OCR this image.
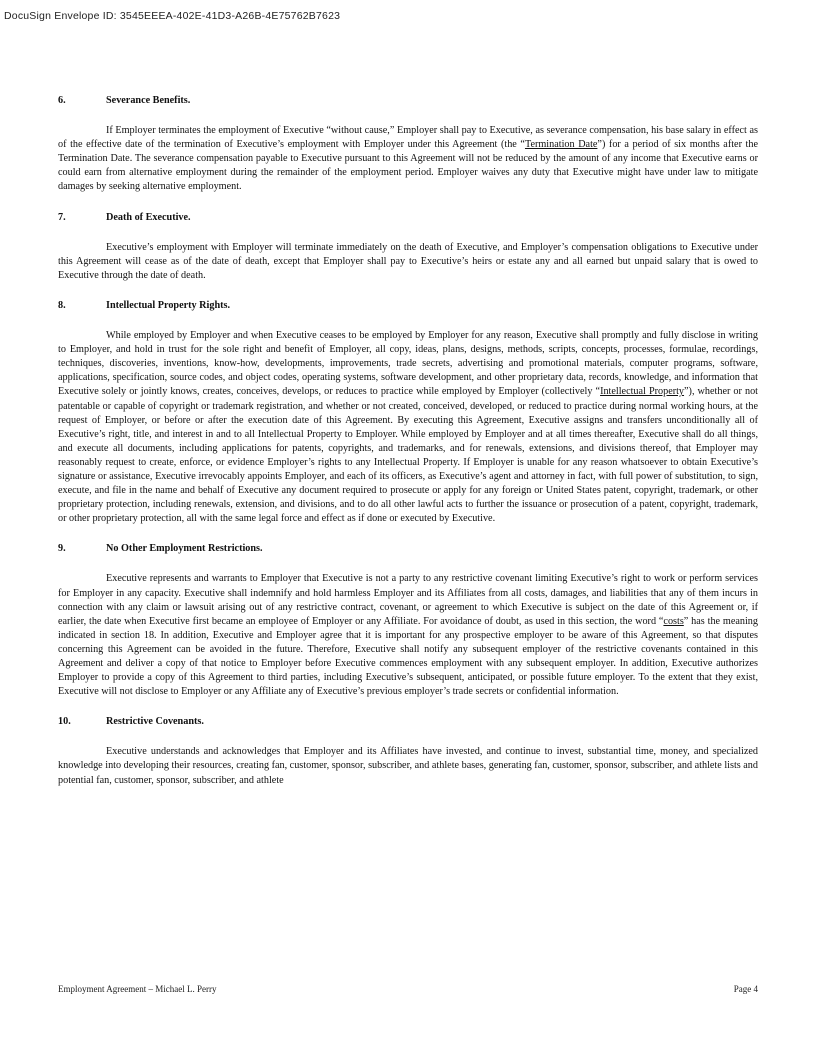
DocuSign Envelope ID: 3545EEEA-402E-41D3-A26B-4E75762B7623
6.	Severance Benefits.
If Employer terminates the employment of Executive “without cause,” Employer shall pay to Executive, as severance compensation, his base salary in effect as of the effective date of the termination of Executive’s employment with Employer under this Agreement (the “Termination Date”) for a period of six months after the Termination Date. The severance compensation payable to Executive pursuant to this Agreement will not be reduced by the amount of any income that Executive earns or could earn from alternative employment during the remainder of the employment period. Employer waives any duty that Executive might have under law to mitigate damages by seeking alternative employment.
7.	Death of Executive.
Executive’s employment with Employer will terminate immediately on the death of Executive, and Employer’s compensation obligations to Executive under this Agreement will cease as of the date of death, except that Employer shall pay to Executive’s heirs or estate any and all earned but unpaid salary that is owed to Executive through the date of death.
8.	Intellectual Property Rights.
While employed by Employer and when Executive ceases to be employed by Employer for any reason, Executive shall promptly and fully disclose in writing to Employer, and hold in trust for the sole right and benefit of Employer, all copy, ideas, plans, designs, methods, scripts, concepts, processes, formulae, recordings, techniques, discoveries, inventions, know-how, developments, improvements, trade secrets, advertising and promotional materials, computer programs, software, applications, specification, source codes, and object codes, operating systems, software development, and other proprietary data, records, knowledge, and information that Executive solely or jointly knows, creates, conceives, develops, or reduces to practice while employed by Employer (collectively “Intellectual Property”), whether or not patentable or capable of copyright or trademark registration, and whether or not created, conceived, developed, or reduced to practice during normal working hours, at the request of Employer, or before or after the execution date of this Agreement. By executing this Agreement, Executive assigns and transfers unconditionally all of Executive’s right, title, and interest in and to all Intellectual Property to Employer. While employed by Employer and at all times thereafter, Executive shall do all things, and execute all documents, including applications for patents, copyrights, and trademarks, and for renewals, extensions, and divisions thereof, that Employer may reasonably request to create, enforce, or evidence Employer’s rights to any Intellectual Property. If Employer is unable for any reason whatsoever to obtain Executive’s signature or assistance, Executive irrevocably appoints Employer, and each of its officers, as Executive’s agent and attorney in fact, with full power of substitution, to sign, execute, and file in the name and behalf of Executive any document required to prosecute or apply for any foreign or United States patent, copyright, trademark, or other proprietary protection, including renewals, extension, and divisions, and to do all other lawful acts to further the issuance or prosecution of a patent, copyright, trademark, or other proprietary protection, all with the same legal force and effect as if done or executed by Executive.
9.	No Other Employment Restrictions.
Executive represents and warrants to Employer that Executive is not a party to any restrictive covenant limiting Executive’s right to work or perform services for Employer in any capacity. Executive shall indemnify and hold harmless Employer and its Affiliates from all costs, damages, and liabilities that any of them incurs in connection with any claim or lawsuit arising out of any restrictive contract, covenant, or agreement to which Executive is subject on the date of this Agreement or, if earlier, the date when Executive first became an employee of Employer or any Affiliate. For avoidance of doubt, as used in this section, the word “costs” has the meaning indicated in section 18. In addition, Executive and Employer agree that it is important for any prospective employer to be aware of this Agreement, so that disputes concerning this Agreement can be avoided in the future. Therefore, Executive shall notify any subsequent employer of the restrictive covenants contained in this Agreement and deliver a copy of that notice to Employer before Executive commences employment with any subsequent employer. In addition, Executive authorizes Employer to provide a copy of this Agreement to third parties, including Executive’s subsequent, anticipated, or possible future employer. To the extent that they exist, Executive will not disclose to Employer or any Affiliate any of Executive’s previous employer’s trade secrets or confidential information.
10.	Restrictive Covenants.
Executive understands and acknowledges that Employer and its Affiliates have invested, and continue to invest, substantial time, money, and specialized knowledge into developing their resources, creating fan, customer, sponsor, subscriber, and athlete bases, generating fan, customer, sponsor, subscriber, and athlete lists and potential fan, customer, sponsor, subscriber, and athlete
Employment Agreement – Michael L. Perry	Page 4
